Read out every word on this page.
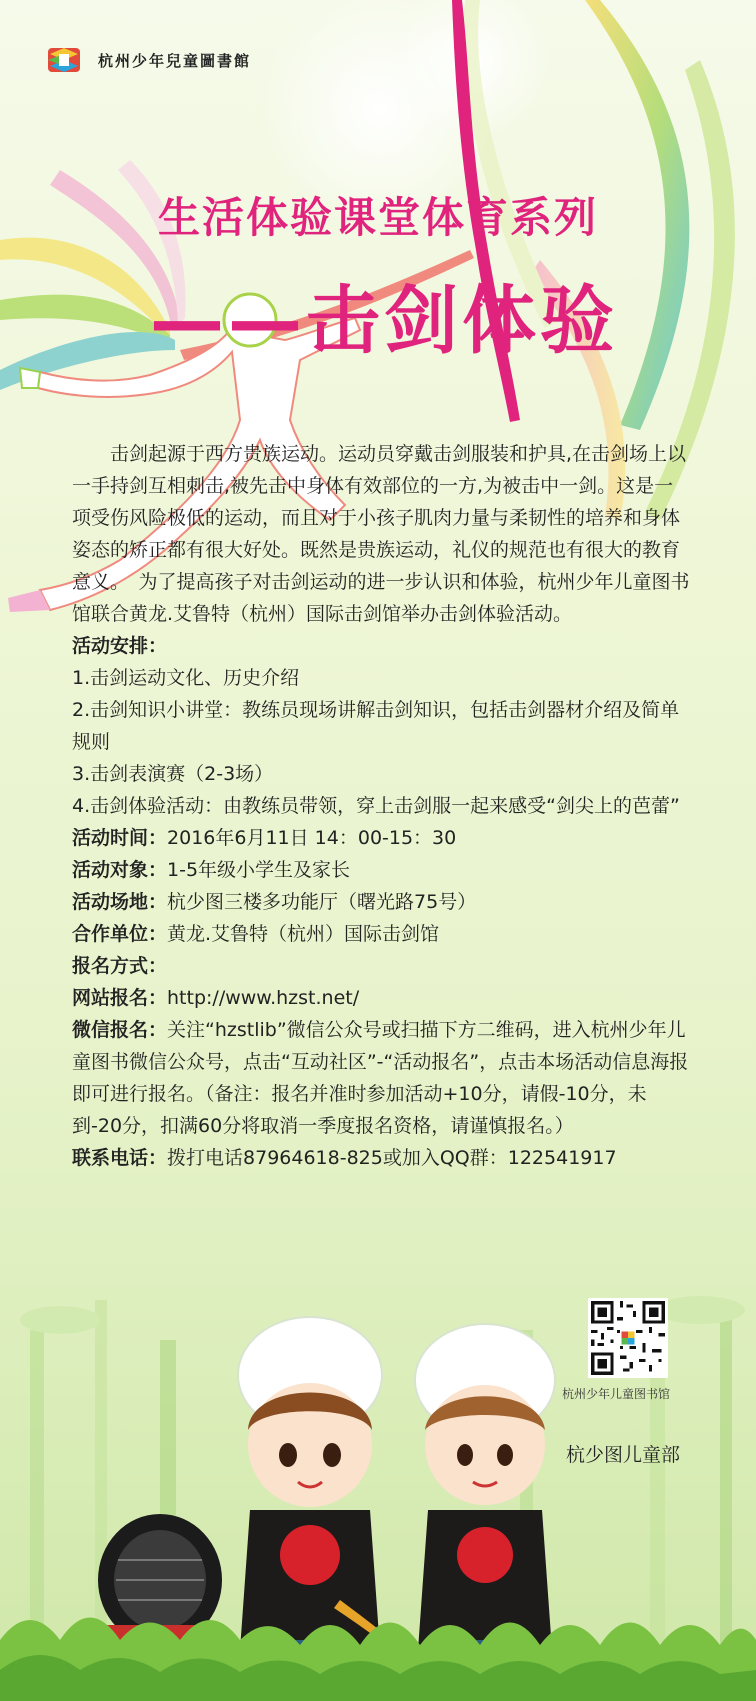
杭州少年兒童圖書館
生活体验课堂体育系列
——击剑体验

击剑起源于西方贵族运动。运动员穿戴击剑服装和护具,在击剑场上以一手持剑互相刺击,被先击中身体有效部位的一方,为被击中一剑。这是一项受伤风险极低的运动，而且对于小孩子肌肉力量与柔韧性的培养和身体姿态的矫正都有很大好处。既然是贵族运动，礼仪的规范也有很大的教育意义。　为了提高孩子对击剑运动的进一步认识和体验，杭州少年儿童图书馆联合黄龙.艾鲁特（杭州）国际击剑馆举办击剑体验活动。

活动安排：

1.击剑运动文化、历史介绍

2.击剑知识小讲堂：教练员现场讲解击剑知识，包括击剑器材介绍及简单规则

3.击剑表演赛（2-3场）

4.击剑体验活动：由教练员带领，穿上击剑服一起来感受“剑尖上的芭蕾”

活动时间：2016年6月11日 14：00-15：30

活动对象：1-5年级小学生及家长

活动场地：杭少图三楼多功能厅（曙光路75号）

合作单位：黄龙.艾鲁特（杭州）国际击剑馆

报名方式：

网站报名：http://www.hzst.net/

微信报名：关注“hzstlib”微信公众号或扫描下方二维码，进入杭州少年儿童图书微信公众号，点击“互动社区”-“活动报名”，点击本场活动信息海报即可进行报名。（备注：报名并准时参加活动+10分，请假-10分，未到-20分，扣满60分将取消一季度报名资格，请谨慎报名。）

联系电话：拨打电话87964618-825或加入QQ群：122541917

杭州少年儿童图书馆
杭少图儿童部
